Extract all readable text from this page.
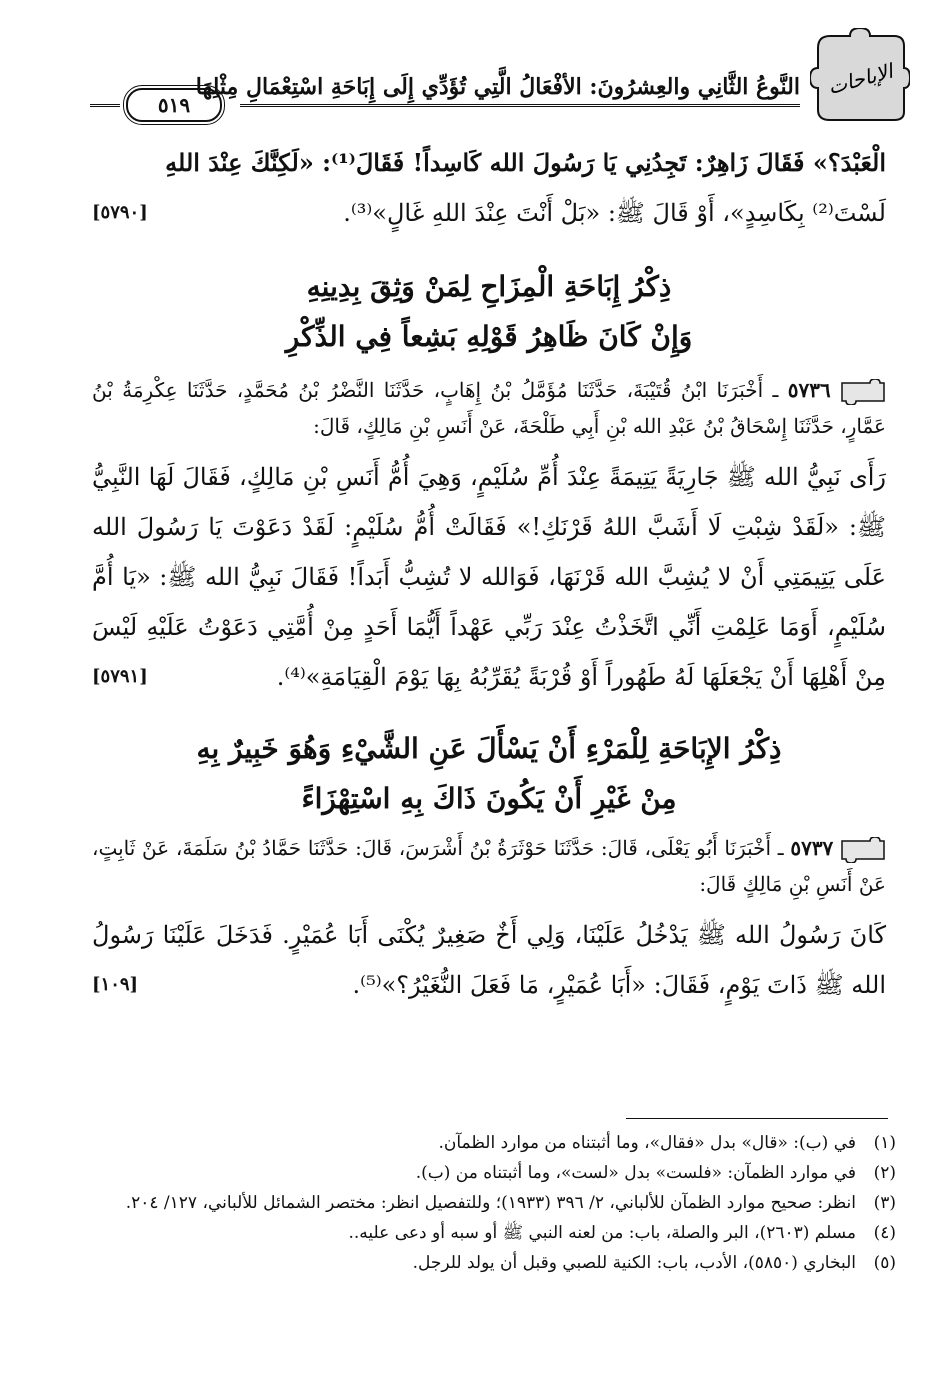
الإباحات
النَّوعُ الثَّانِي والعِشرُونَ: الأفْعَالُ الَّتِي تُؤَدِّي إِلَى إِبَاحَةِ اسْتِعْمَالِ مِثْلِهَا
٥١٩

الْعَبْدَ؟» فَقَالَ زَاهِرٌ: تَجِدُنِي يَا رَسُولَ الله كَاسِداً! فَقَالَ⁽¹⁾: «لَكِنَّكَ عِنْدَ اللهِ

[٥٧٩٠]	لَسْتَ⁽²⁾ بِكَاسِدٍ»، أَوْ قَالَ ﷺ: «بَلْ أَنْتَ عِنْدَ اللهِ غَالٍ»⁽³⁾.

ذِكْرُ إِبَاحَةِ الْمِزَاحِ لِمَنْ وَثِقَ بِدِينِهِ

وَإِنْ كَانَ ظَاهِرُ قَوْلِهِ بَشِعاً فِي الذِّكْرِ

٥٧٣٦ ـ أَخْبَرَنَا ابْنُ قُتَيْبَةَ، حَدَّثَنَا مُؤَمَّلُ بْنُ إِهَابٍ، حَدَّثَنَا النَّضْرُ بْنُ مُحَمَّدٍ، حَدَّثَنَا عِكْرِمَةُ بْنُ عَمَّارٍ، حَدَّثَنَا إِسْحَاقُ بْنُ عَبْدِ الله بْنِ أَبِي طَلْحَةَ، عَنْ أَنَسِ بْنِ مَالِكٍ، قَالَ:

رَأَى نَبِيُّ الله ﷺ جَارِيَةً يَتِيمَةً عِنْدَ أُمِّ سُلَيْمٍ، وَهِيَ أُمُّ أَنَسِ بْنِ مَالِكٍ، فَقَالَ لَهَا النَّبِيُّ ﷺ: «لَقَدْ شِبْتِ لَا أَشَبَّ اللهُ قَرْنَكِ!» فَقَالَتْ أُمُّ سُلَيْمٍ: لَقَدْ دَعَوْتَ يَا رَسُولَ الله عَلَى يَتِيمَتِي أَنْ لا يُشِبَّ الله قَرْنَهَا، فَوَالله لا تُشِبُّ أَبَداً! فَقَالَ نَبِيُّ الله ﷺ: «يَا أُمَّ سُلَيْمٍ، أَوَمَا عَلِمْتِ أَنِّي اتَّخَذْتُ عِنْدَ رَبِّي عَهْداً أَيُّمَا أَحَدٍ مِنْ أُمَّتِي دَعَوْتُ عَلَيْهِ لَيْسَ مِنْ أَهْلِهَا أَنْ يَجْعَلَهَا لَهُ طَهُوراً أَوْ قُرْبَةً يُقَرِّبُهُ بِهَا يَوْمَ الْقِيَامَةِ»⁽⁴⁾.
[٥٧٩١]

ذِكْرُ الإِبَاحَةِ لِلْمَرْءِ أَنْ يَسْأَلَ عَنِ الشَّيْءِ وَهُوَ خَبِيرٌ بِهِ

مِنْ غَيْرِ أَنْ يَكُونَ ذَاكَ بِهِ اسْتِهْزَاءً

٥٧٣٧ ـ أَخْبَرَنَا أَبُو يَعْلَى، قَالَ: حَدَّثَنَا حَوْثَرَةُ بْنُ أَشْرَسَ، قَالَ: حَدَّثَنَا حَمَّادُ بْنُ سَلَمَةَ، عَنْ ثَابِتٍ، عَنْ أَنَسِ بْنِ مَالِكٍ قَالَ:

كَانَ رَسُولُ الله ﷺ يَدْخُلُ عَلَيْنَا، وَلِي أَخٌ صَغِيرٌ يُكْنَى أَبَا عُمَيْرٍ. فَدَخَلَ عَلَيْنَا رَسُولُ الله ﷺ ذَاتَ يَوْمٍ، فَقَالَ: «أَبَا عُمَيْرٍ، مَا فَعَلَ النُّغَيْرُ؟»⁽⁵⁾.
[١٠٩]

(١)في (ب): «قال» بدل «فقال»، وما أثبتناه من موارد الظمآن.

(٢)في موارد الظمآن: «فلست» بدل «لست»، وما أثبتناه من (ب).

(٣)انظر: صحيح موارد الظمآن للألباني، ٢/ ٣٩٦ (١٩٣٣)؛ وللتفصيل انظر: مختصر الشمائل للألباني، ١٢٧/ ٢٠٤.

(٤)مسلم (٢٦٠٣)، البر والصلة، باب: من لعنه النبي ﷺ أو سبه أو دعى عليه..

(٥)البخاري (٥٨٥٠)، الأدب، باب: الكنية للصبي وقبل أن يولد للرجل.
